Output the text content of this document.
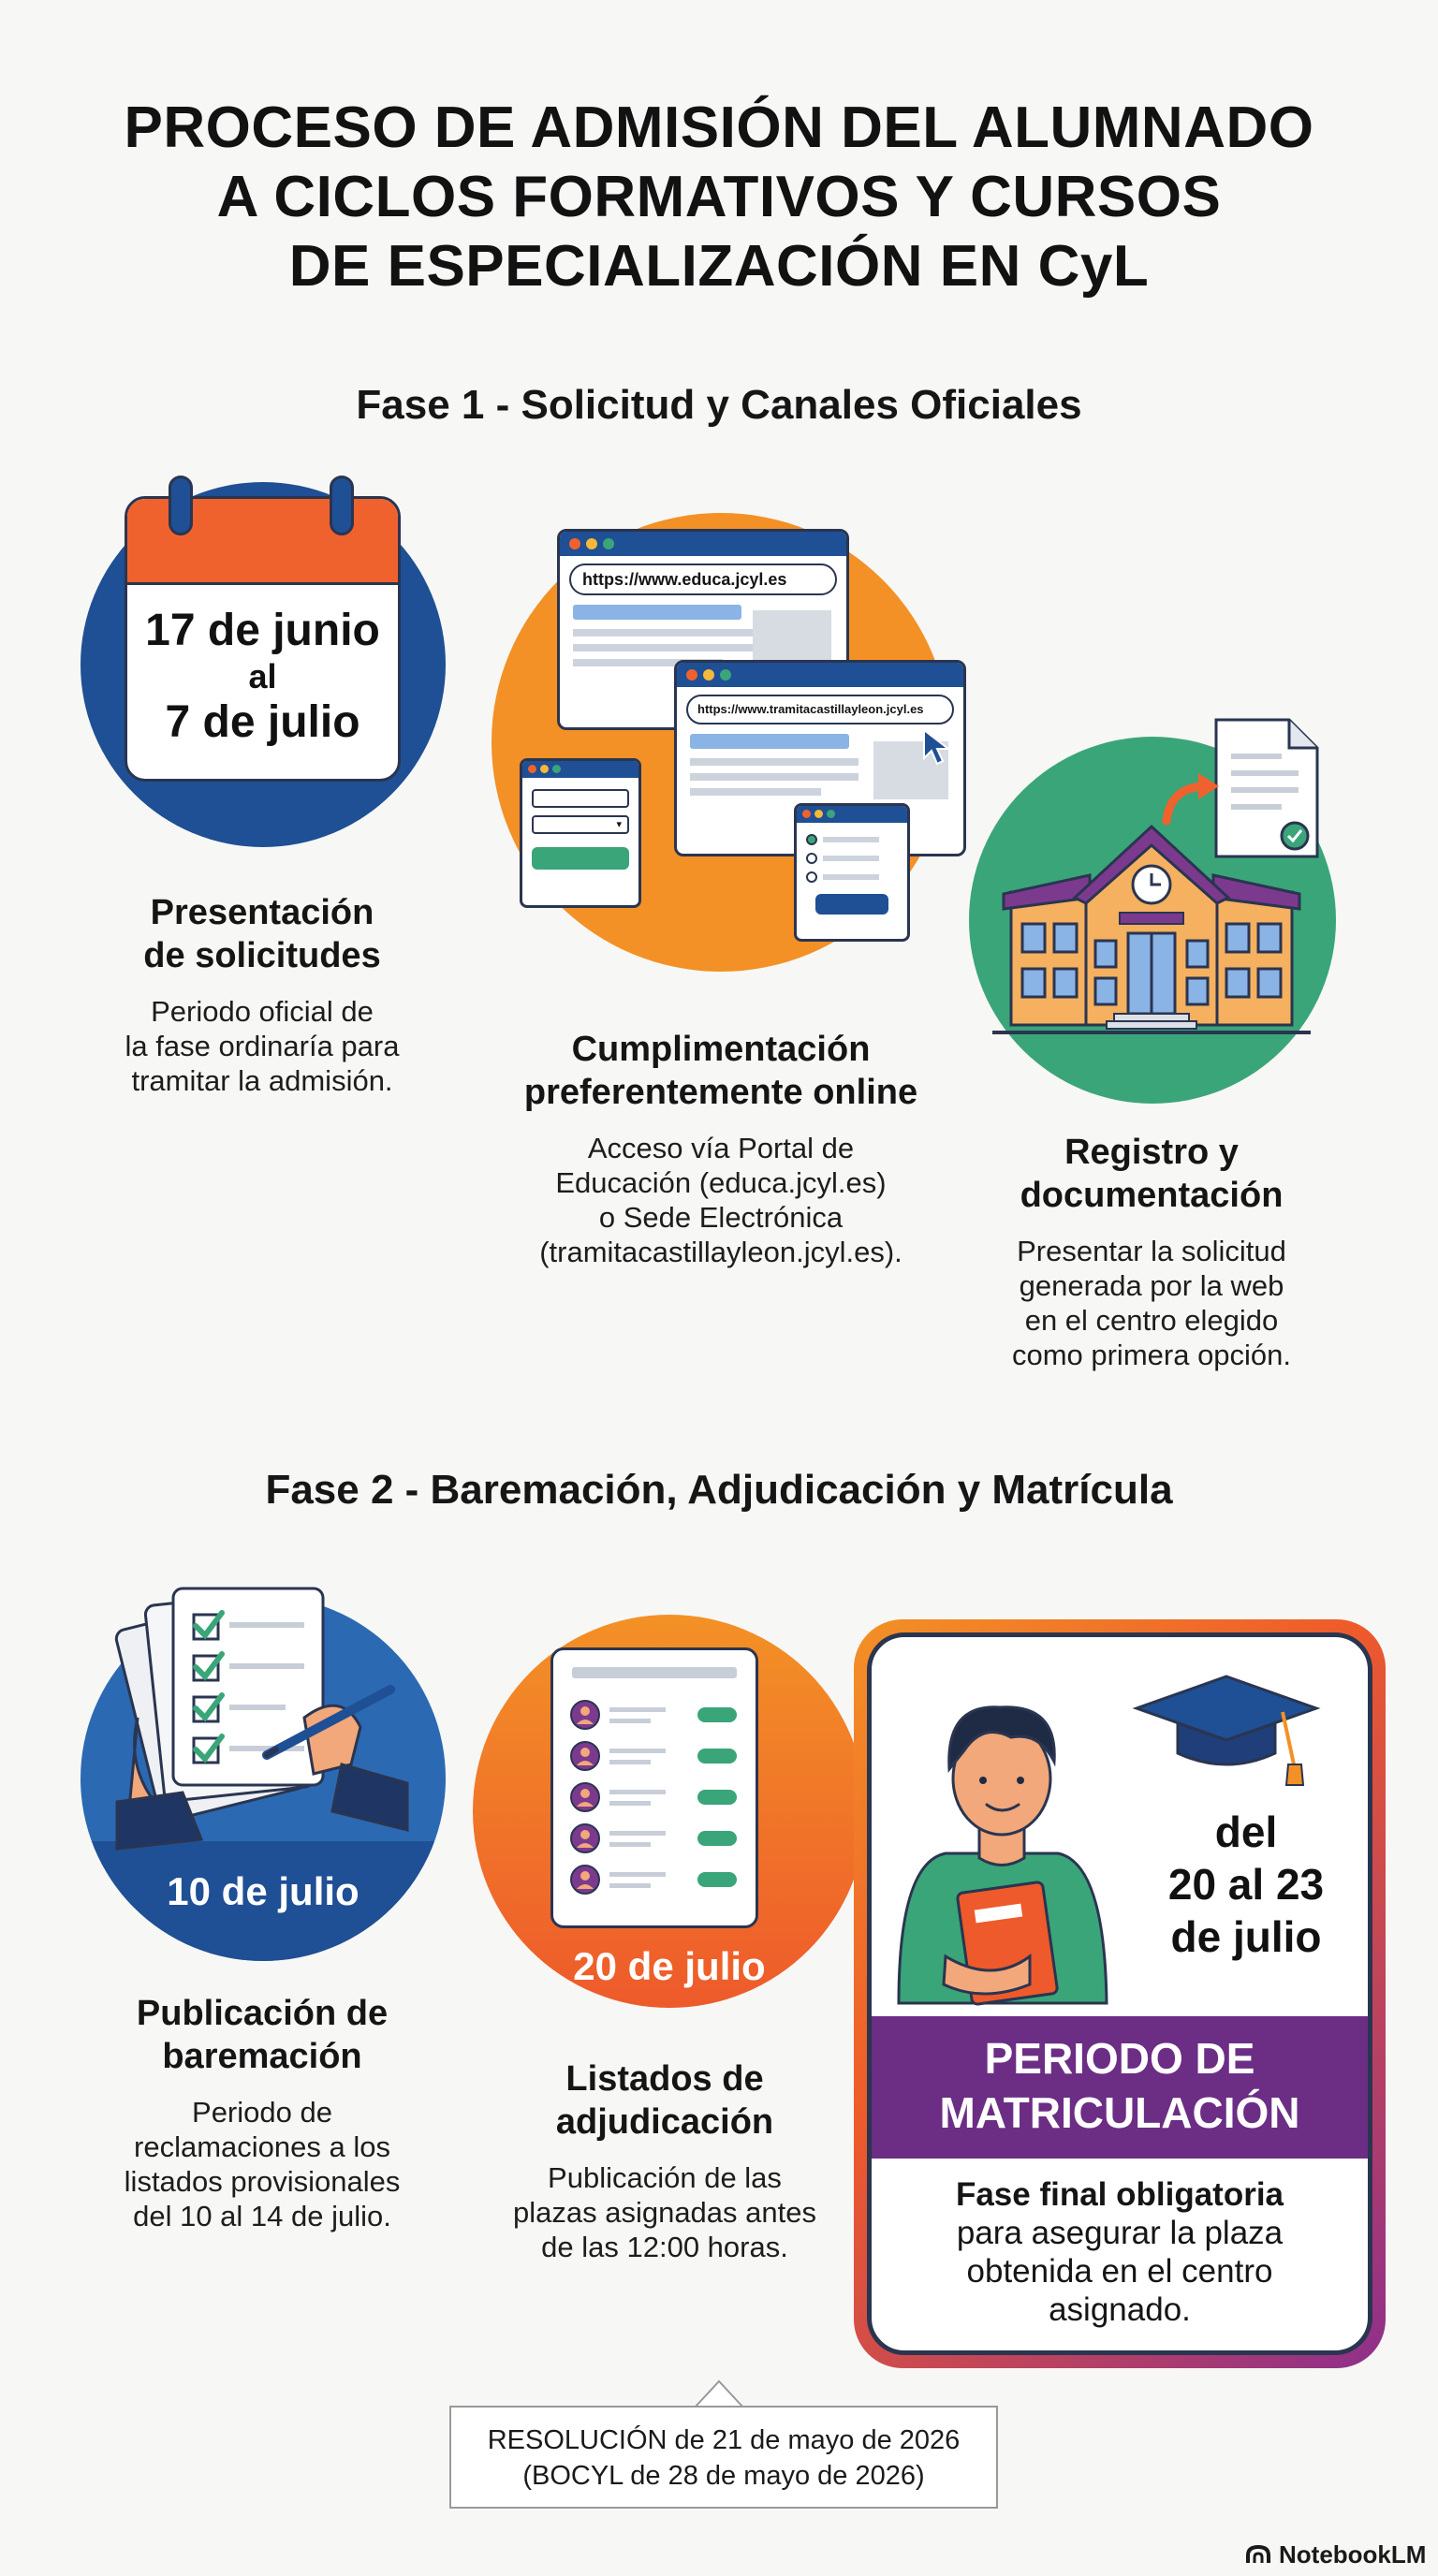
PROCESO DE ADMISIÓN DEL ALUMNADO
A CICLOS FORMATIVOS Y CURSOS
DE ESPECIALIZACIÓN EN CyL
Fase 1 - Solicitud y Canales Oficiales
17 de junio
al
7 de julio
Presentación
de solicitudes
Periodo oficial de
la fase ordinaría para
tramitar la admisión.
https://www.educa.jcyl.es
https://www.tramitacastillayleon.jcyl.es
▾
Cumplimentación
preferentemente online
Acceso vía Portal de
Educación (educa.jcyl.es)
o Sede Electrónica
(tramitacastillayleon.jcyl.es).
Registro y
documentación
Presentar la solicitud
generada por la web
en el centro elegido
como primera opción.
Fase 2 - Baremación, Adjudicación y Matrícula
10 de julio
Publicación de
baremación
Periodo de
reclamaciones a los
listados provisionales
del 10 al 14 de julio.
20 de julio
Listados de
adjudicación
Publicación de las
plazas asignadas antes
de las 12:00 horas.
PERIODO DE
MATRICULACIÓN
Fase final obligatoria
para asegurar la plaza
obtenida en el centro
asignado.
del
20 al 23
de julio
RESOLUCIÓN de 21 de mayo de 2026
(BOCYL de 28 de mayo de 2026)
NotebookLM
